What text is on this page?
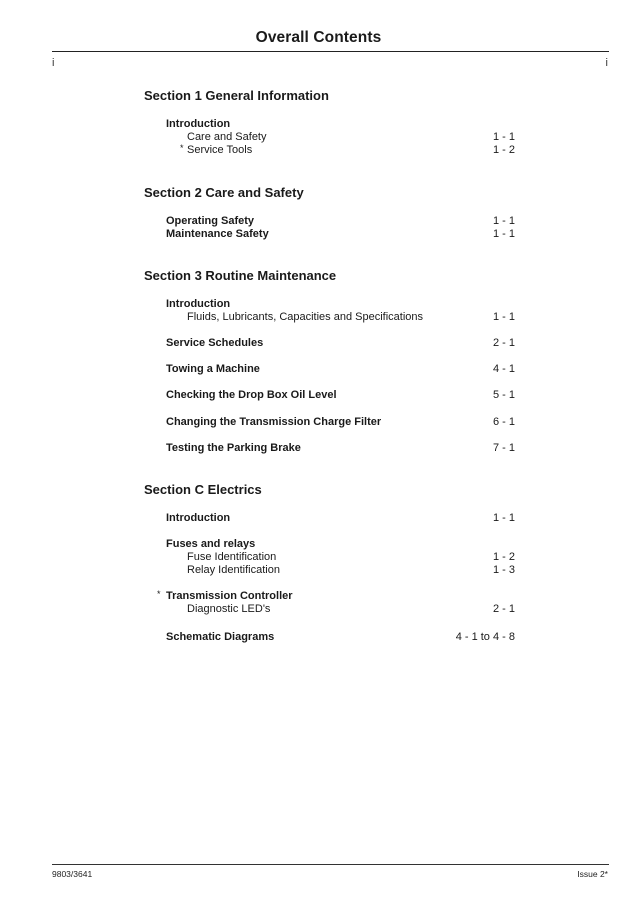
Overall Contents
i	i
Section 1 General Information
Introduction
Care and Safety	1 - 1
* Service Tools	1 - 2
Section 2 Care and Safety
Operating Safety	1 - 1
Maintenance Safety	1 - 1
Section 3 Routine Maintenance
Introduction
Fluids, Lubricants, Capacities and Specifications	1 - 1
Service Schedules	2 - 1
Towing a Machine	4 - 1
Checking the Drop Box Oil Level	5 - 1
Changing the Transmission Charge Filter	6 - 1
Testing the Parking Brake	7 - 1
Section C Electrics
Introduction	1 - 1
Fuses and relays
Fuse Identification	1 - 2
Relay Identification	1 - 3
* Transmission Controller
Diagnostic LED's	2 - 1
Schematic Diagrams	4 - 1 to 4 - 8
9803/3641	Issue 2*
